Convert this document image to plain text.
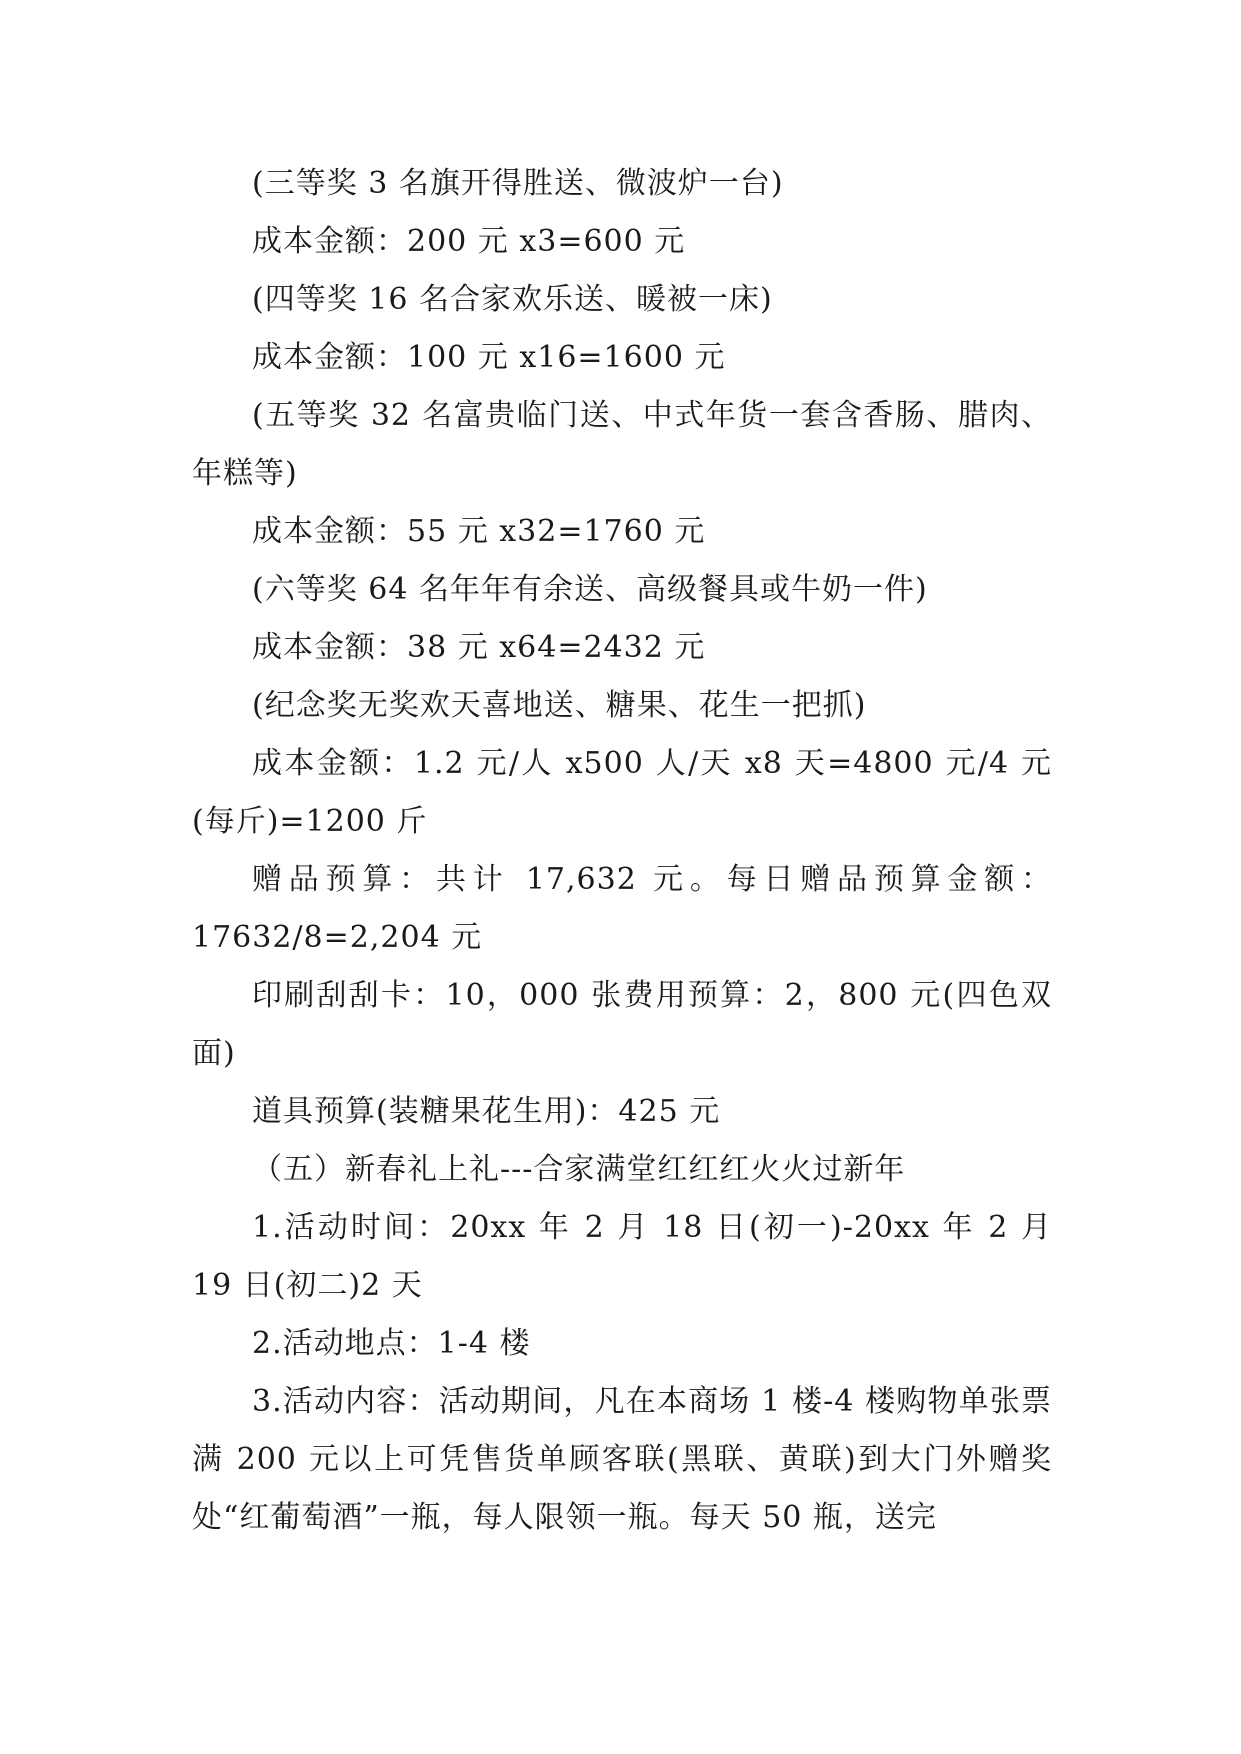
(三等奖 3 名旗开得胜送、微波炉一台)

成本金额：200 元 x3=600 元

(四等奖 16 名合家欢乐送、暖被一床)

成本金额：100 元 x16=1600 元

(五等奖 32 名富贵临门送、中式年货一套含香肠、腊肉、年糕等)

成本金额：55 元 x32=1760 元

(六等奖 64 名年年有余送、高级餐具或牛奶一件)

成本金额：38 元 x64=2432 元

(纪念奖无奖欢天喜地送、糖果、花生一把抓)

成本金额：1.2 元/人 x500 人/天 x8 天=4800 元/4 元(每斤)=1200 斤

赠品预算：共计 17,632 元。每日赠品预算金额：17632/8=2,204 元

印刷刮刮卡：10，000 张费用预算：2，800 元(四色双面)

道具预算(装糖果花生用)：425 元

（五）新春礼上礼---合家满堂红红红火火过新年

1.活动时间：20xx 年 2 月 18 日(初一)-20xx 年 2 月 19 日(初二)2 天

2.活动地点：1-4 楼

3.活动内容：活动期间，凡在本商场 1 楼-4 楼购物单张票满 200 元以上可凭售货单顾客联(黑联、黄联)到大门外赠奖处“红葡萄酒”一瓶，每人限领一瓶。每天 50 瓶，送完
